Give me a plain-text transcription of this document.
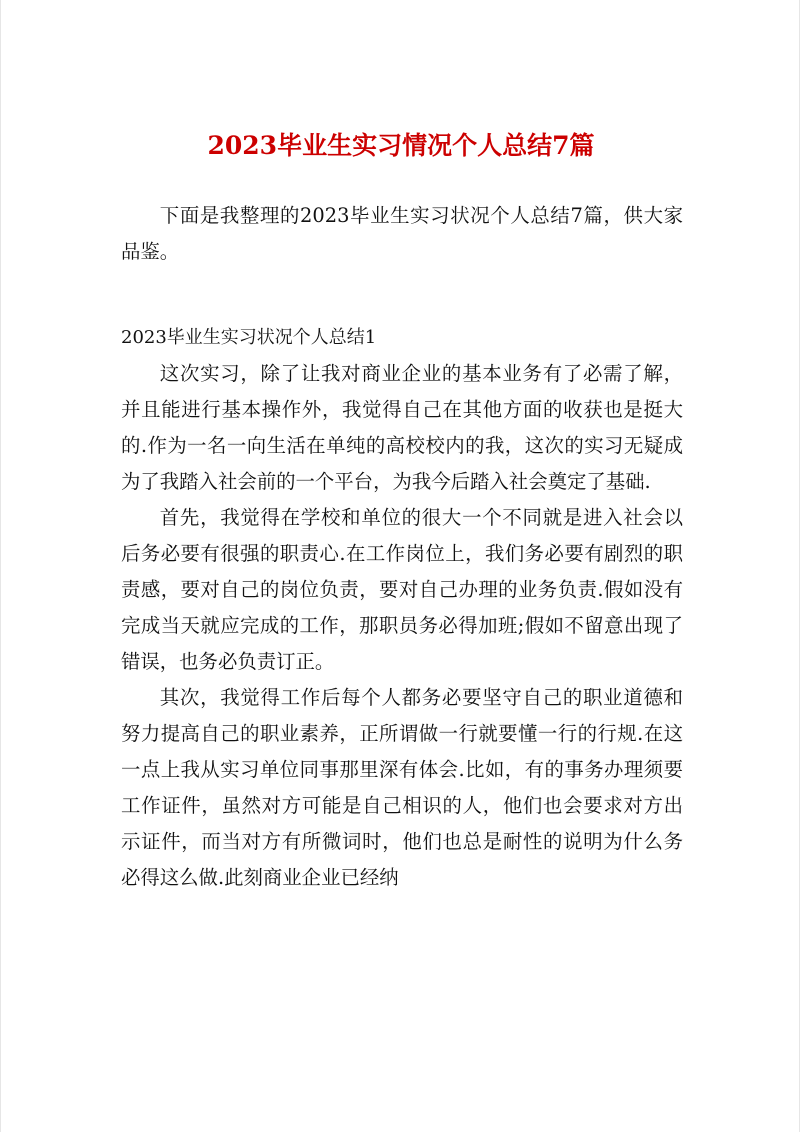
2023毕业生实习情况个人总结7篇

下面是我整理的2023毕业生实习状况个人总结7篇，供大家品鉴。

2023毕业生实习状况个人总结1

这次实习，除了让我对商业企业的基本业务有了必需了解，并且能进行基本操作外，我觉得自己在其他方面的收获也是挺大的.作为一名一向生活在单纯的高校校内的我，这次的实习无疑成为了我踏入社会前的一个平台，为我今后踏入社会奠定了基础.

首先，我觉得在学校和单位的很大一个不同就是进入社会以后务必要有很强的职责心.在工作岗位上，我们务必要有剧烈的职责感，要对自己的岗位负责，要对自己办理的业务负责.假如没有完成当天就应完成的工作，那职员务必得加班;假如不留意出现了错误，也务必负责订正。

其次，我觉得工作后每个人都务必要坚守自己的职业道德和努力提高自己的职业素养，正所谓做一行就要懂一行的行规.在这一点上我从实习单位同事那里深有体会.比如，有的事务办理须要工作证件，虽然对方可能是自己相识的人，他们也会要求对方出示证件，而当对方有所微词时，他们也总是耐性的说明为什么务必得这么做.此刻商业企业已经纳
